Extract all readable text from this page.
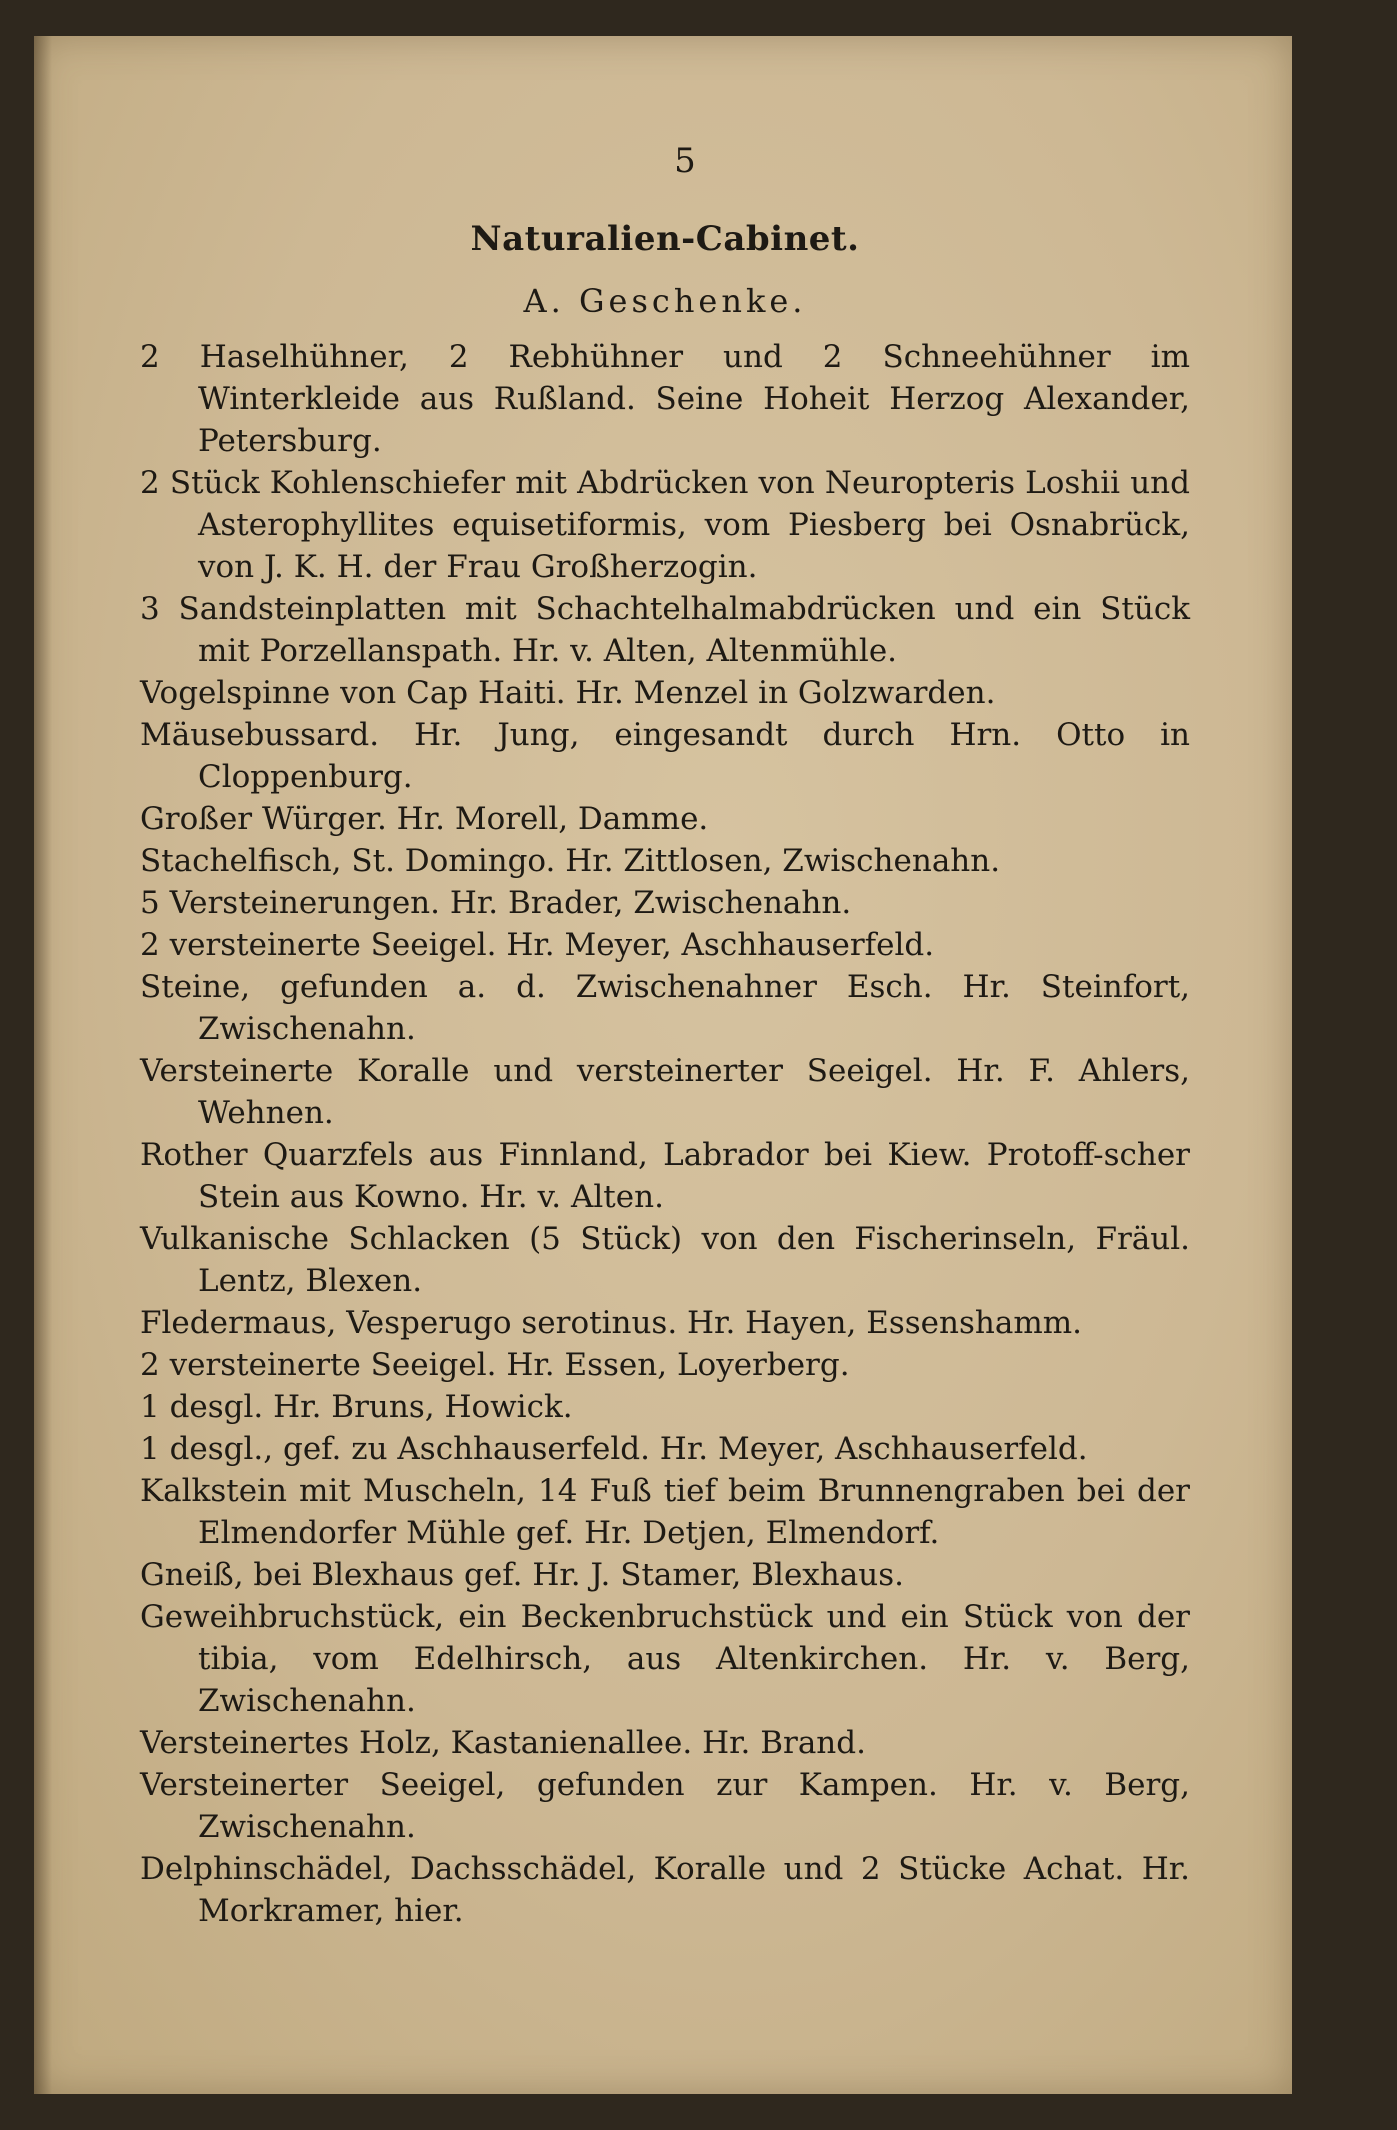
5
Naturalien-Cabinet.
A. Geschenke.
2 Haselhühner, 2 Rebhühner und 2 Schneehühner im Winterkleide aus Rußland. Seine Hoheit Herzog Alexander, Petersburg.
2 Stück Kohlenschiefer mit Abdrücken von Neuropteris Loshii und Asterophyllites equisetiformis, vom Piesberg bei Osnabrück, von J. K. H. der Frau Großherzogin.
3 Sandsteinplatten mit Schachtelhalmabdrücken und ein Stück mit Porzellanspath. Hr. v. Alten, Altenmühle.
Vogelspinne von Cap Haiti. Hr. Menzel in Golzwarden.
Mäusebussard. Hr. Jung, eingesandt durch Hrn. Otto in Cloppenburg.
Großer Würger. Hr. Morell, Damme.
Stachelfisch, St. Domingo. Hr. Zittlosen, Zwischenahn.
5 Versteinerungen. Hr. Brader, Zwischenahn.
2 versteinerte Seeigel. Hr. Meyer, Aschhauserfeld.
Steine, gefunden a. d. Zwischenahner Esch. Hr. Steinfort, Zwischenahn.
Versteinerte Koralle und versteinerter Seeigel. Hr. F. Ahlers, Wehnen.
Rother Quarzfels aus Finnland, Labrador bei Kiew. Protoff-scher Stein aus Kowno. Hr. v. Alten.
Vulkanische Schlacken (5 Stück) von den Fischerinseln, Fräul. Lentz, Blexen.
Fledermaus, Vesperugo serotinus. Hr. Hayen, Essenshamm.
2 versteinerte Seeigel. Hr. Essen, Loyerberg.
1 desgl. Hr. Bruns, Howick.
1 desgl., gef. zu Aschhauserfeld. Hr. Meyer, Aschhauserfeld.
Kalkstein mit Muscheln, 14 Fuß tief beim Brunnengraben bei der Elmendorfer Mühle gef. Hr. Detjen, Elmendorf.
Gneiß, bei Blexhaus gef. Hr. J. Stamer, Blexhaus.
Geweihbruchstück, ein Beckenbruchstück und ein Stück von der tibia, vom Edelhirsch, aus Altenkirchen. Hr. v. Berg, Zwischenahn.
Versteinertes Holz, Kastanienallee. Hr. Brand.
Versteinerter Seeigel, gefunden zur Kampen. Hr. v. Berg, Zwischenahn.
Delphinschädel, Dachsschädel, Koralle und 2 Stücke Achat. Hr. Morkramer, hier.
